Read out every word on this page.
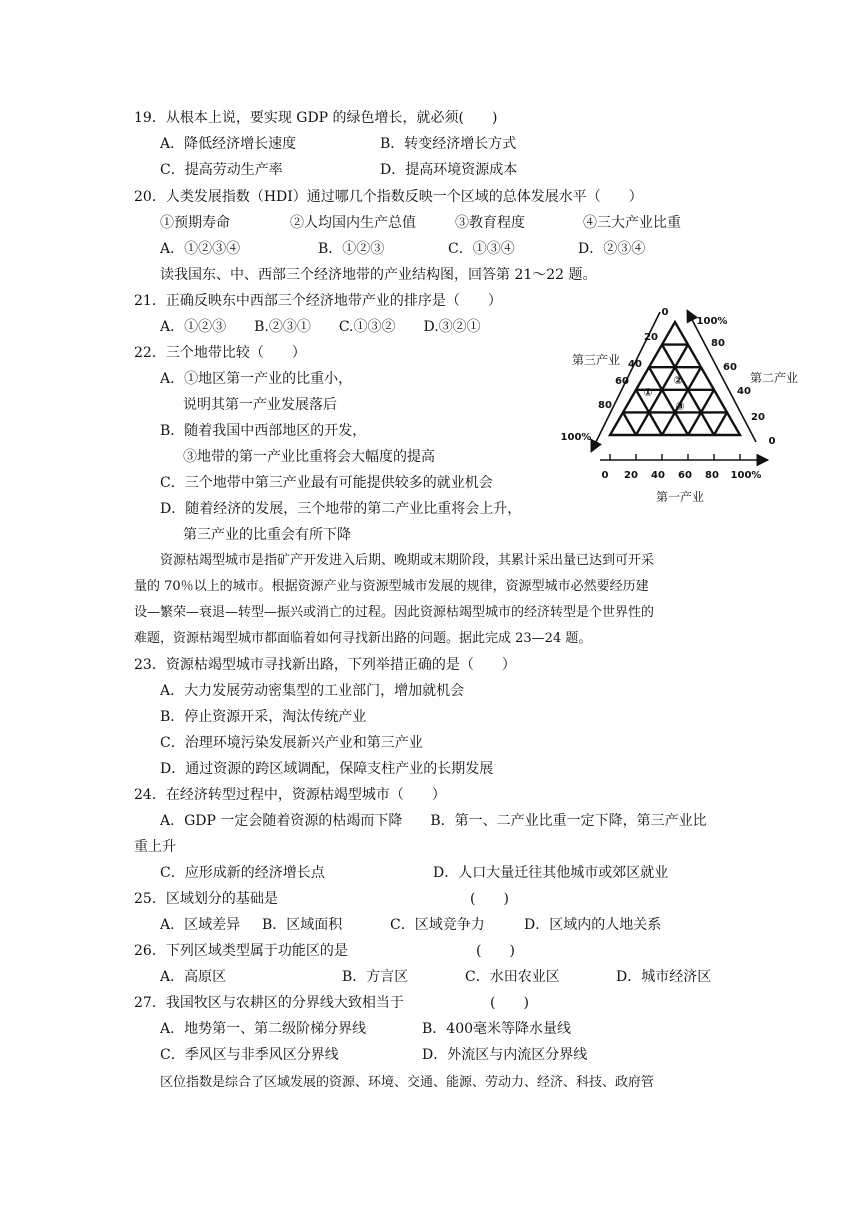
19．从根本上说，要实现 GDP 的绿色增长，就必须(　　)
A．降低经济增长速度	B．转变经济增长方式
C．提高劳动生产率	D．提高环境资源成本
20．人类发展指数（HDI）通过哪几个指数反映一个区域的总体发展水平（　　）
①预期寿命	②人均国内生产总值	③教育程度	④三大产业比重
A．①②③④	B．①②③	C．①③④	D．②③④
读我国东、中、西部三个经济地带的产业结构图，回答第 21～22 题。
21．正确反映东中西部三个经济地带产业的排序是（　　）
A．①②③　　B.②③①　　C.①③②　　D.③②①
22．三个地带比较（　　）
A．①地区第一产业的比重小，
说明其第一产业发展落后
B．随着我国中西部地区的开发，
③地带的第一产业比重将会大幅度的提高
C．三个地带中第三产业最有可能提供较多的就业机会
D．随着经济的发展，三个地带的第二产业比重将会上升，
第三产业的比重会有所下降
①
②
③
0 20 40 60 80 100%
0
20
40
60
80
100%
100%
80
60
40
20
0
第三产业
第二产业
第一产业
资源枯竭型城市是指矿产开发进入后期、晚期或末期阶段，其累计采出量已达到可开采
量的 70％以上的城市。根据资源产业与资源型城市发展的规律，资源型城市必然要经历建
设—繁荣—衰退—转型—振兴或消亡的过程。因此资源枯竭型城市的经济转型是个世界性的
难题，资源枯竭型城市都面临着如何寻找新出路的问题。据此完成 23—24 题。
23．资源枯竭型城市寻找新出路，下列举措正确的是（　　）
A．大力发展劳动密集型的工业部门，增加就机会
B．停止资源开采，淘汰传统产业
C．治理环境污染发展新兴产业和第三产业
D．通过资源的跨区域调配，保障支柱产业的长期发展
24．在经济转型过程中，资源枯竭型城市（　　）
A．GDP 一定会随着资源的枯竭而下降　　B．第一、二产业比重一定下降，第三产业比
重上升
C．应形成新的经济增长点	D．人口大量迁往其他城市或郊区就业
25．区域划分的基础是	(　　)
A．区域差异 B．区域面积	C．区域竞争力	D．区域内的人地关系
26．下列区域类型属于功能区的是	(　　)
A．高原区	B．方言区	C．水田农业区	D．城市经济区
27．我国牧区与农耕区的分界线大致相当于	(　　)
A．地势第一、第二级阶梯分界线	B．400毫米等降水量线
C．季风区与非季风区分界线	D．外流区与内流区分界线
区位指数是综合了区域发展的资源、环境、交通、能源、劳动力、经济、科技、政府管
